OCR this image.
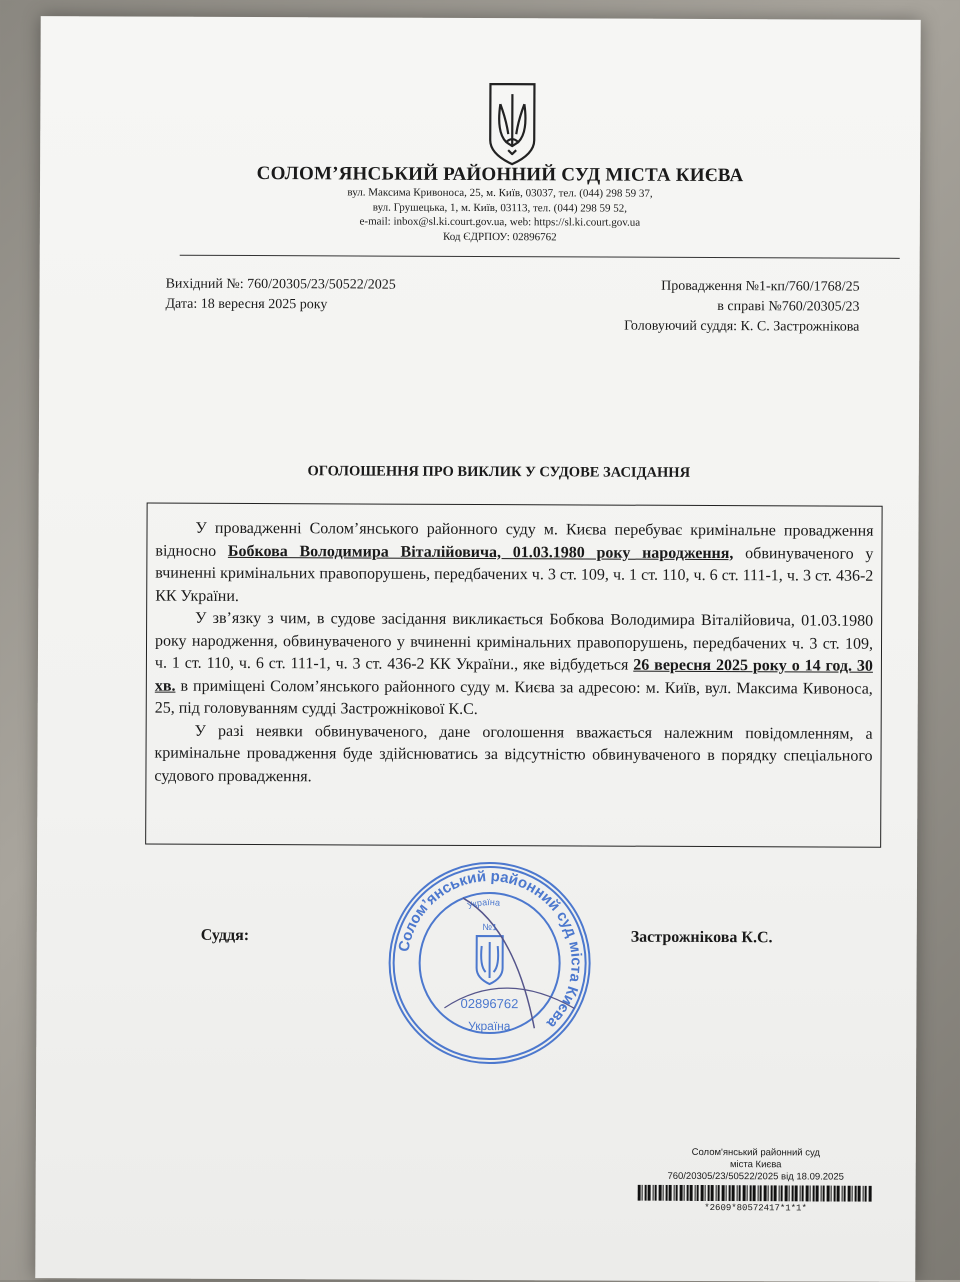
СОЛОМ’ЯНСЬКИЙ РАЙОННИЙ СУД МІСТА КИЄВА
вул. Максима Кривоноса, 25, м. Київ, 03037, тел. (044) 298 59 37,
вул. Грушецька, 1, м. Київ, 03113, тел. (044) 298 59 52,
e-mail: inbox@sl.ki.court.gov.ua, web: https://sl.ki.court.gov.ua
Код ЄДРПОУ: 02896762
Вихідний №: 760/20305/23/50522/2025
Дата: 18 вересня 2025 року
Провадження №1-кп/760/1768/25
в справі №760/20305/23
Головуючий суддя: К. С. Застрожнікова
ОГОЛОШЕННЯ ПРО ВИКЛИК У СУДОВЕ ЗАСІДАННЯ

У провадженні Солом’янського районного суду м. Києва перебуває кримінальне провадження відносно Бобкова Володимира Віталійовича, 01.03.1980 року народження, обвинуваченого у вчиненні кримінальних правопорушень, передбачених ч. 3 ст. 109, ч. 1 ст. 110, ч. 6 ст. 111-1, ч. 3 ст. 436-2 КК України.

У зв’язку з чим, в судове засідання викликається Бобкова Володимира Віталійовича, 01.03.1980 року народження, обвинуваченого у вчиненні кримінальних правопорушень, передбачених ч. 3 ст. 109, ч. 1 ст. 110, ч. 6 ст. 111-1, ч. 3 ст. 436-2 КК України., яке відбудеться 26 вересня 2025 року о 14 год. 30 хв. в приміщені Солом’янського районного суду м. Києва за адресою: м. Київ, вул. Максима Кивоноса, 25, під головуванням судді Застрожнікової К.С.

У разі неявки обвинуваченого, дане оголошення вважається належним повідомленням, а кримінальне провадження буде здійснюватись за відсутністю обвинуваченого в порядку спеціального судового провадження.

Суддя:	Застрожнікова К.С.
Солом’янський районний суд міста Києва
Україна
№1
02896762
Україна
Солом'янський районний суд
міста Києва
760/20305/23/50522/2025 від 18.09.2025
*2609*80572417*1*1*
